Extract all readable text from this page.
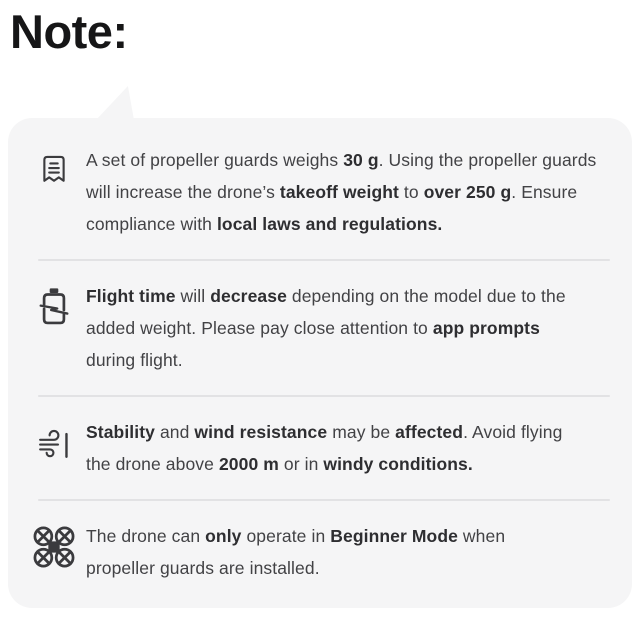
Note:

A set of propeller guards weighs 30 g. Using the propeller guards
will increase the drone’s takeoff weight to over 250 g. Ensure
compliance with local laws and regulations.

Flight time will decrease depending on the model due to the
added weight. Please pay close attention to app prompts
during flight.

Stability and wind resistance may be affected. Avoid flying
the drone above 2000 m or in windy conditions.

The drone can only operate in Beginner Mode when
propeller guards are installed.
